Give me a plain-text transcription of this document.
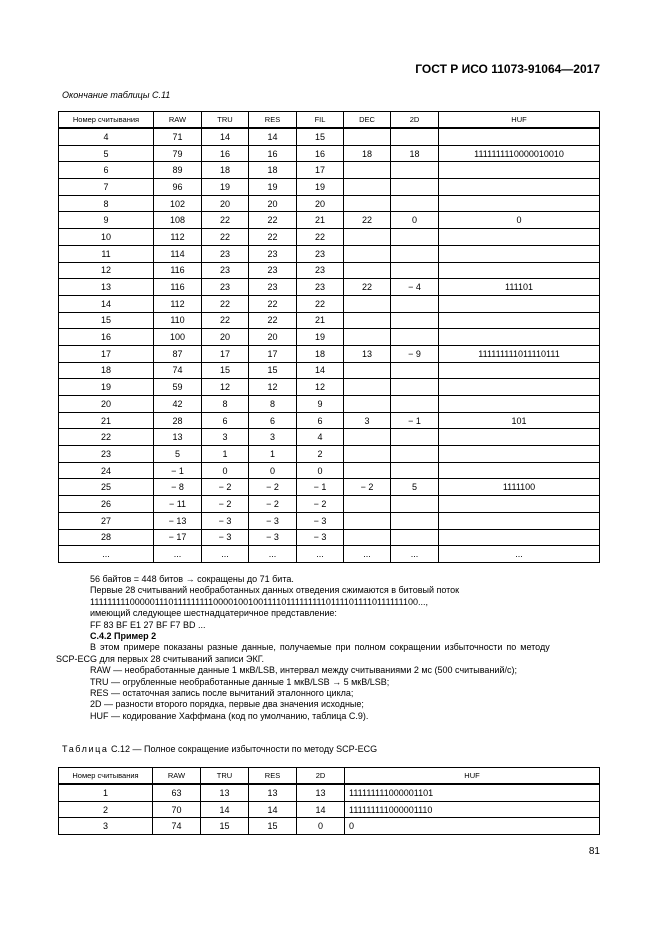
ГОСТ Р ИСО 11073-91064—2017
Окончание таблицы С.11
Номер считывания	RAW	TRU	RES	FIL	DEC	2D	HUF
4	71	14	14	15			
5	79	16	16	16	18	18	1111111110000010010
6	89	18	18	17			
7	96	19	19	19			
8	102	20	20	20			
9	108	22	22	21	22	0	0
10	112	22	22	22			
11	114	23	23	23			
12	116	23	23	23			
13	116	23	23	23	22	− 4	111101
14	112	22	22	22			
15	110	22	22	21			
16	100	20	20	19			
17	87	17	17	18	13	− 9	111111111011110111
18	74	15	15	14			
19	59	12	12	12			
20	42	8	8	9			
21	28	6	6	6	3	− 1	101
22	13	3	3	4			
23	5	1	1	2			
24	− 1	0	0	0			
25	− 8	− 2	− 2	− 1	− 2	5	1111100
26	− 11	− 2	− 2	− 2			
27	− 13	− 3	− 3	− 3			
28	− 17	− 3	− 3	− 3			
...	...	...	...	...	...	...	...
56 байтов = 448 битов → сокращены до 71 бита.
Первые 28 считываний необработанных данных отведения сжимаются в битовый поток
11111111100000111011111111100001001001111011111111101111011110111111100...,
имеющий следующее шестнадцатеричное представление:
FF 83 BF E1 27 BF F7 BD ...
С.4.2 Пример 2
В этом примере показаны разные данные, получаемые при полном сокращении избыточности по методу
SCP-ECG для первых 28 считываний записи ЭКГ.
RAW — необработанные данные 1 мкВ/LSB, интервал между считываниями 2 мс (500 считываний/с);
TRU — огрубленные необработанные данные 1 мкВ/LSB → 5 мкВ/LSB;
RES — остаточная запись после вычитаний эталонного цикла;
2D — разности второго порядка, первые два значения исходные;
HUF — кодирование Хаффмана (код по умолчанию, таблица С.9).
Таблица С.12 — Полное сокращение избыточности по методу SCP-ECG
Номер считывания	RAW	TRU	RES	2D	HUF
1	63	13	13	13	111111111000001101
2	70	14	14	14	111111111000001110
3	74	15	15	0	0
81
